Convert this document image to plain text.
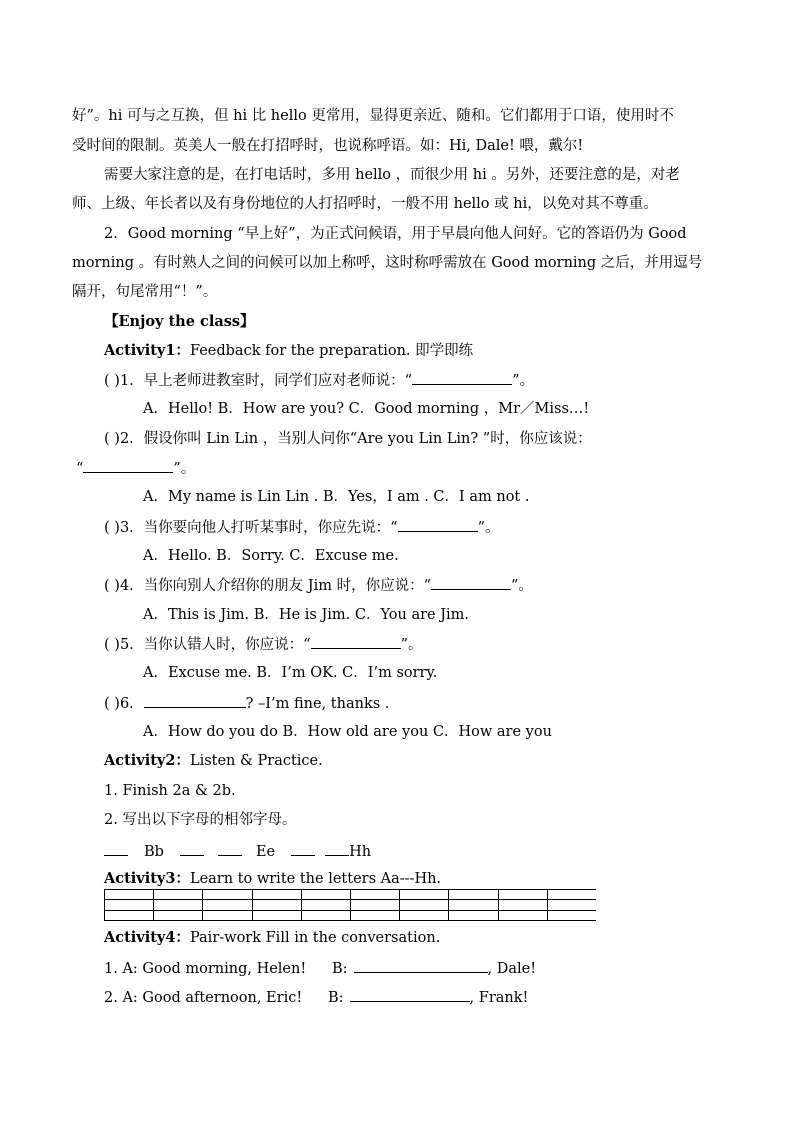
好”。hi 可与之互换，但 hi 比 hello 更常用，显得更亲近、随和。它们都用于口语，使用时不
受时间的限制。英美人一般在打招呼时，也说称呼语。如：Hi, Dale! 喂，戴尔!
需要大家注意的是，在打电话时，多用 hello ，而很少用 hi 。另外，还要注意的是，对老
师、上级、年长者以及有身份地位的人打招呼时，一般不用 hello 或 hi，以免对其不尊重。
2．Good morning “早上好”，为正式问候语，用于早晨向他人问好。它的答语仍为 Good
morning 。有时熟人之间的问候可以加上称呼，这时称呼需放在 Good morning 之后，并用逗号
隔开，句尾常用“！”。
【Enjoy the class】
Activity1：Feedback for the preparation. 即学即练
( )1．早上老师进教室时，同学们应对老师说：“	”。
A．Hello! B．How are you? C．Good morning ，Mr／Miss…!
( )2．假设你叫 Lin Lin ，当别人问你“Are you Lin Lin? ”时，你应该说：
“	”。
A．My name is Lin Lin . B．Yes，I am . C．I am not .
( )3．当你要向他人打听某事时，你应先说：“	”。
A．Hello. B．Sorry. C．Excuse me.
( )4．当你向别人介绍你的朋友 Jim 时，你应说：“	”。
A．This is Jim. B．He is Jim. C．You are Jim.
( )5．当你认错人时，你应说：“	”。
A．Excuse me. B．I’m OK. C．I’m sorry.
( )6．	? –I’m fine, thanks .
A．How do you do B．How old are you C．How are you
Activity2：Listen & Practice.
1. Finish 2a & 2b.
2. 写出以下字母的相邻字母。
Bb	Ee	Hh
Activity3：Learn to write the letters Aa---Hh.
Activity4：Pair-work Fill in the conversation.
1. A: Good morning, Helen! B:	, Dale!
2. A: Good afternoon, Eric! B:	, Frank!
